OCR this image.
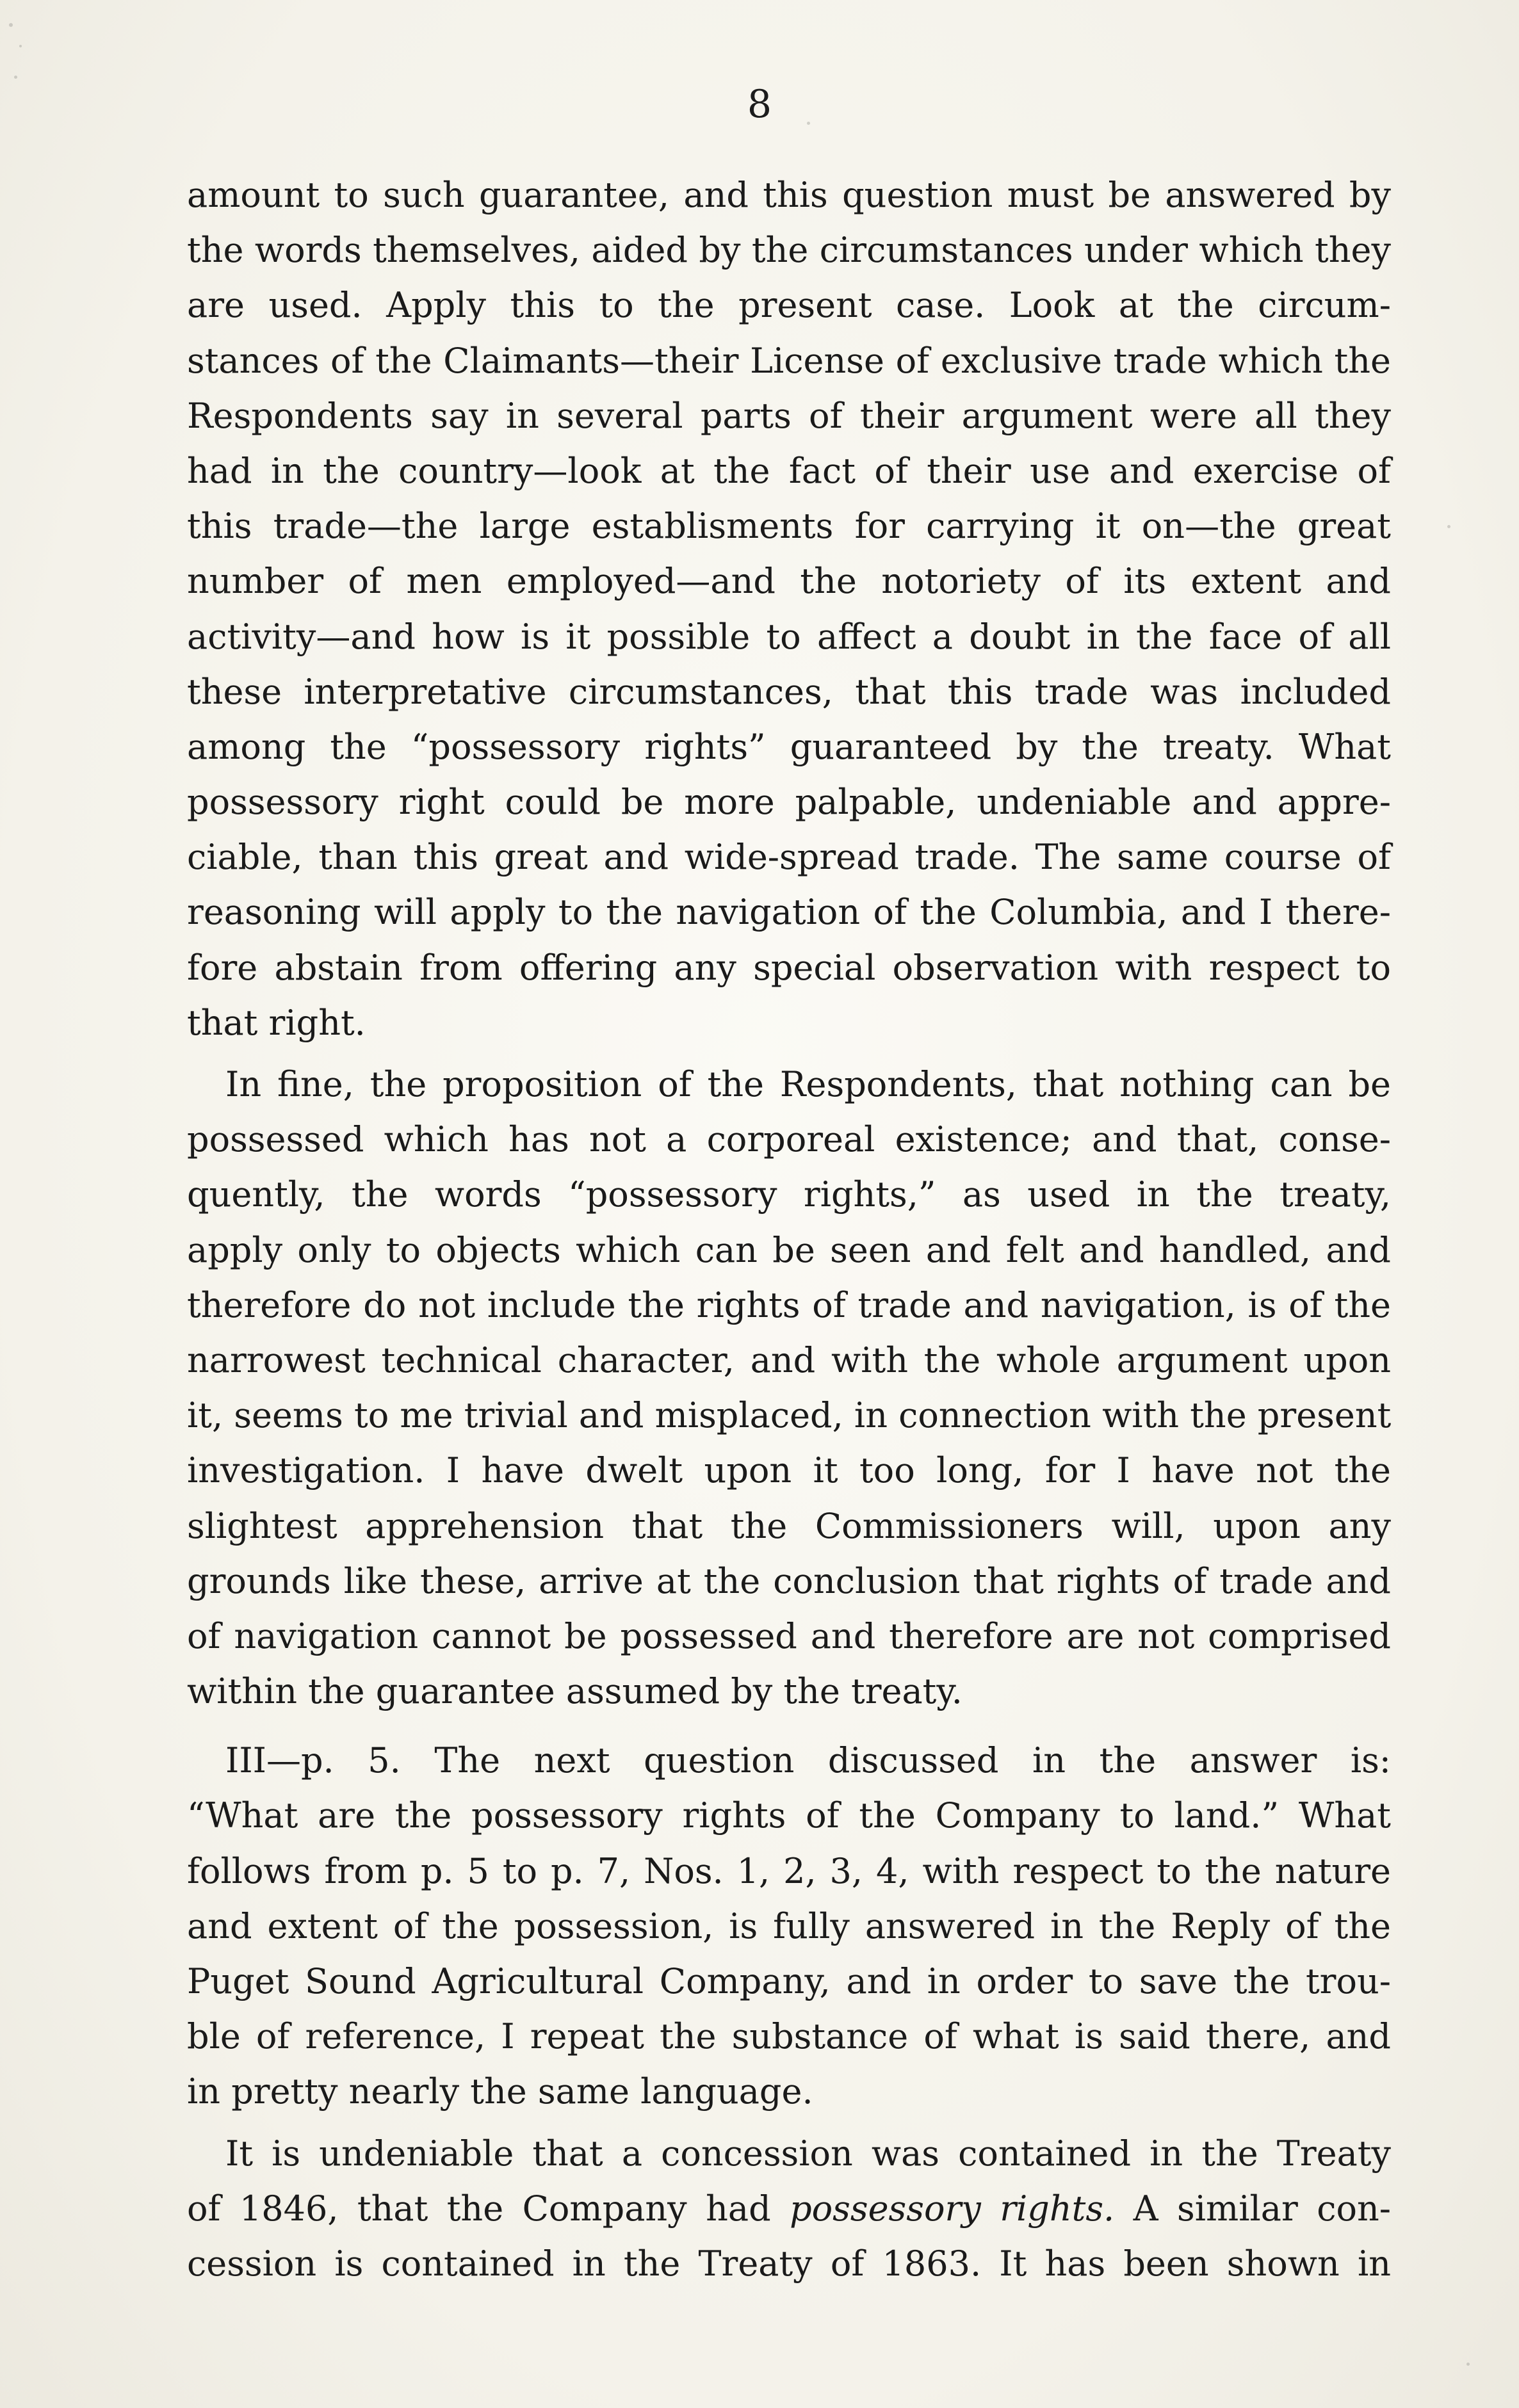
8
amount to such guarantee, and this question must be answered by
the words themselves, aided by the circumstances under which they
are used. Apply this to the present case. Look at the circum-
stances of the Claimants—their License of exclusive trade which the
Respondents say in several parts of their argument were all they
had in the country—look at the fact of their use and exercise of
this trade—the large establisments for carrying it on—the great
number of men employed—and the notoriety of its extent and
activity—and how is it possible to affect a doubt in the face of all
these interpretative circumstances, that this trade was included
among the “possessory rights” guaranteed by the treaty. What
possessory right could be more palpable, undeniable and appre-
ciable, than this great and wide-spread trade. The same course of
reasoning will apply to the navigation of the Columbia, and I there-
fore abstain from offering any special observation with respect to
that right.
In fine, the proposition of the Respondents, that nothing can be
possessed which has not a corporeal existence; and that, conse-
quently, the words “possessory rights,” as used in the treaty,
apply only to objects which can be seen and felt and handled, and
therefore do not include the rights of trade and navigation, is of the
narrowest technical character, and with the whole argument upon
it, seems to me trivial and misplaced, in connection with the present
investigation. I have dwelt upon it too long, for I have not the
slightest apprehension that the Commissioners will, upon any
grounds like these, arrive at the conclusion that rights of trade and
of navigation cannot be possessed and therefore are not comprised
within the guarantee assumed by the treaty.
III—p. 5. The next question discussed in the answer is:
“What are the possessory rights of the Company to land.” What
follows from p. 5 to p. 7, Nos. 1, 2, 3, 4, with respect to the nature
and extent of the possession, is fully answered in the Reply of the
Puget Sound Agricultural Company, and in order to save the trou-
ble of reference, I repeat the substance of what is said there, and
in pretty nearly the same language.
It is undeniable that a concession was contained in the Treaty
of 1846, that the Company had possessory rights. A similar con-
cession is contained in the Treaty of 1863. It has been shown in
